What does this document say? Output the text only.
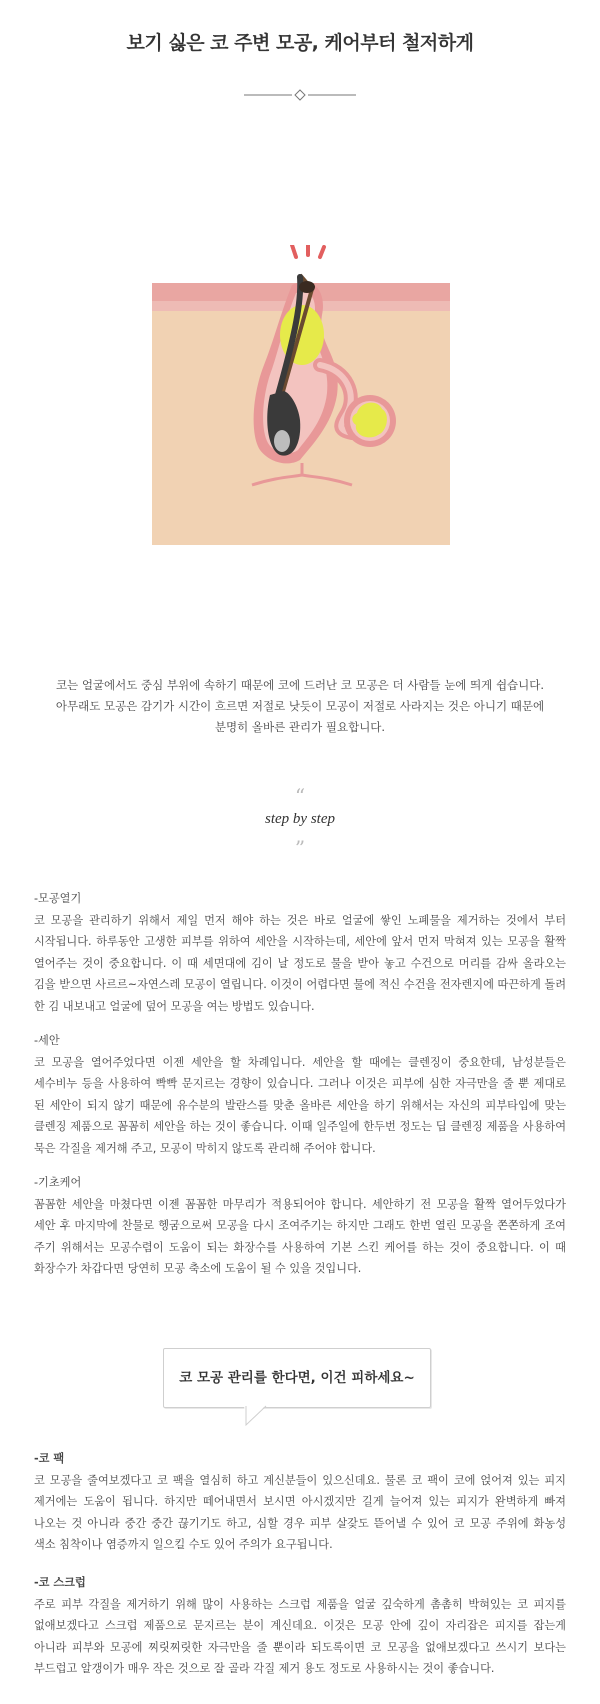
보기 싫은 코 주변 모공, 케어부터 철저하게

코는 얼굴에서도 중심 부위에 속하기 때문에 코에 드러난 코 모공은 더 사람들 눈에 띄게 쉽습니다.

아무래도 모공은 감기가 시간이 흐르면 저절로 낫듯이 모공이 저절로 사라지는 것은 아니기 때문에

분명히 올바른 관리가 필요합니다.

“
step by step
”
-모공열기
코 모공을 관리하기 위해서 제일 먼저 해야 하는 것은 바로 얼굴에 쌓인 노폐물을 제거하는 것에서 부터 시작됩니다. 하루동안 고생한 피부를 위하여 세안을 시작하는데, 세안에 앞서 먼저 막혀져 있는 모공을 활짝 열어주는 것이 중요합니다. 이 때 세면대에 김이 날 정도로 물을 받아 놓고 수건으로 머리를 감싸 올라오는 김을 받으면 사르르~자연스레 모공이 열립니다. 이것이 어렵다면 물에 적신 수건을 전자렌지에 따끈하게 돌려 한 김 내보내고 얼굴에 덮어 모공을 여는 방법도 있습니다.
-세안
코 모공을 열어주었다면 이젠 세안을 할 차례입니다. 세안을 할 때에는 클렌징이 중요한데, 남성분들은 세수비누 등을 사용하여 빡빡 문지르는 경향이 있습니다. 그러나 이것은 피부에 심한 자극만을 줄 뿐 제대로 된 세안이 되지 않기 때문에 유수분의 발란스를 맞춘 올바른 세안을 하기 위해서는 자신의 피부타입에 맞는 클렌징 제품으로 꼼꼼히 세안을 하는 것이 좋습니다. 이때 일주일에 한두번 정도는 딥 클렌징 제품을 사용하여 묵은 각질을 제거해 주고, 모공이 막히지 않도록 관리해 주어야 합니다.
-기초케어
꼼꼼한 세안을 마쳤다면 이젠 꼼꼼한 마무리가 적용되어야 합니다. 세안하기 전 모공을 활짝 열어두었다가 세안 후 마지막에 찬물로 헹굼으로써 모공을 다시 조여주기는 하지만 그래도 한번 열린 모공을 쫀쫀하게 조여 주기 위해서는 모공수렴이 도움이 되는 화장수를 사용하여 기본 스킨 케어를 하는 것이 중요합니다. 이 때 화장수가 차갑다면 당연히 모공 축소에 도움이 될 수 있을 것입니다.
코 모공 관리를 한다면, 이건 피하세요~
-코 팩
코 모공을 줄여보겠다고 코 팩을 열심히 하고 계신분들이 있으신데요. 물론 코 팩이 코에 얹어져 있는 피지 제거에는 도움이 됩니다. 하지만 떼어내면서 보시면 아시겠지만 길게 늘어져 있는 피지가 완벽하게 빠져 나오는 것 아니라 중간 중간 끊기기도 하고, 심할 경우 피부 살갗도 뜯어낼 수 있어 코 모공 주위에 화농성 색소 침착이나 염증까지 일으킬 수도 있어 주의가 요구됩니다.
-코 스크럽
주로 피부 각질을 제거하기 위해 많이 사용하는 스크럽 제품을 얼굴 깊숙하게 촘촘히 박혀있는 코 피지를 없애보겠다고 스크럽 제품으로 문지르는 분이 계신데요. 이것은 모공 안에 깊이 자리잡은 피지를 잡는게 아니라 피부와 모공에 찌릿찌릿한 자극만을 줄 뿐이라 되도록이면 코 모공을 없애보겠다고 쓰시기 보다는 부드럽고 알갱이가 매우 작은 것으로 잘 골라 각질 제거 용도 정도로 사용하시는 것이 좋습니다.
